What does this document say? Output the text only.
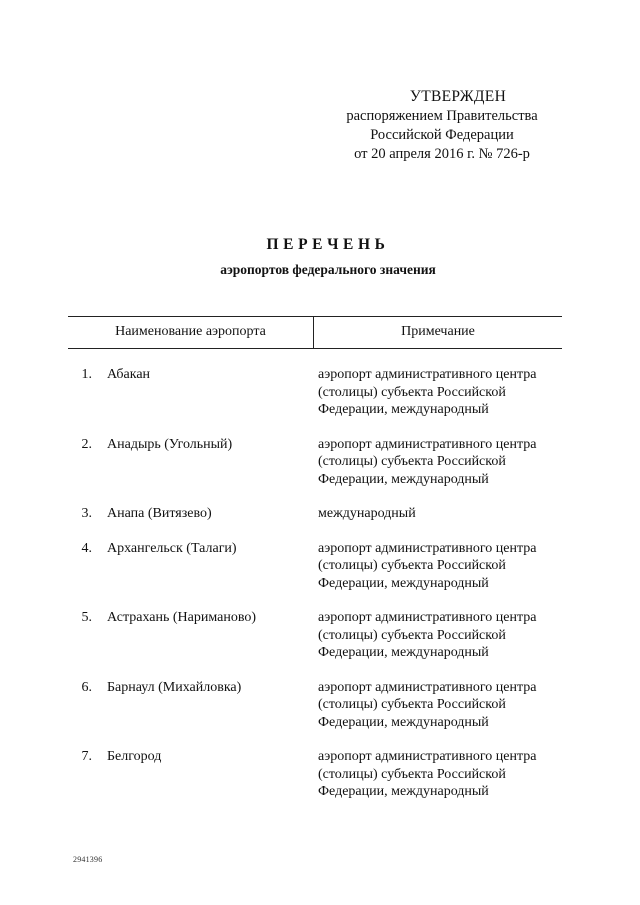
УТВЕРЖДЕН
распоряжением Правительства
Российской Федерации
от 20 апреля 2016 г. № 726-р
ПЕРЕЧЕНЬ
аэропортов федерального значения
Наименование аэропорта	Примечание
1. Абакан	аэропорт административного центра
(столицы) субъекта Российской
Федерации, международный
2. Анадырь (Угольный)	аэропорт административного центра
(столицы) субъекта Российской
Федерации, международный
3. Анапа (Витязево)	международный
4. Архангельск (Талаги)	аэропорт административного центра
(столицы) субъекта Российской
Федерации, международный
5. Астрахань (Нариманово)	аэропорт административного центра
(столицы) субъекта Российской
Федерации, международный
6. Барнаул (Михайловка)	аэропорт административного центра
(столицы) субъекта Российской
Федерации, международный
7. Белгород	аэропорт административного центра
(столицы) субъекта Российской
Федерации, международный
2941396
